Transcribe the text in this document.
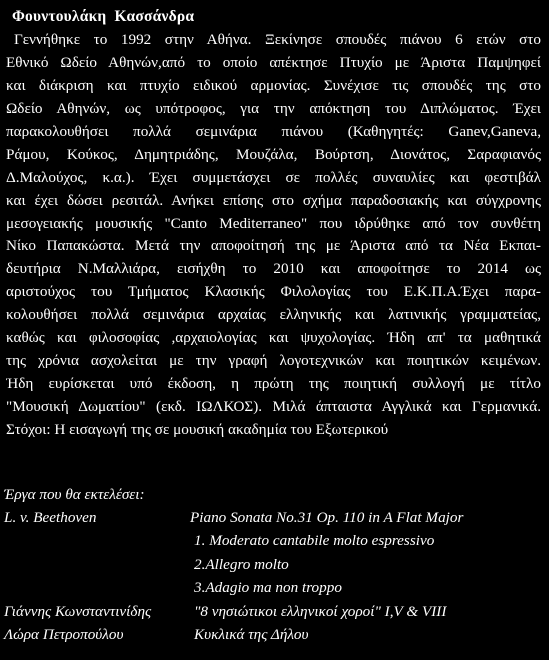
Φουντουλάκη  Κασσάνδρα
Γεννήθηκε το 1992 στην Αθήνα. Ξεκίνησε σπουδές πιάνου 6 ετών στο
Εθνικό Ωδείο Αθηνών,από το οποίο απέκτησε Πτυχίο με Άριστα Παμψηφεί
και διάκριση και πτυχίο ειδικού αρμονίας. Συνέχισε τις σπουδές της στο
Ωδείο Αθηνών, ως υπότροφος, για την απόκτηση του Διπλώματος. Έχει
παρακολουθήσει πολλά σεμινάρια πιάνου (Καθηγητές: Ganev,Ganeva,
Ράμου, Κούκος, Δημητριάδης, Μουζάλα, Βούρτση, Διονάτος, Σαραφιανός
Δ.Μαλούχος, κ.α.). Έχει συμμετάσχει σε πολλές συναυλίες και φεστιβάλ
και έχει δώσει ρεσιτάλ. Ανήκει επίσης στο σχήμα παραδοσιακής και σύγχρονης
μεσογειακής μουσικής "Canto Mediterraneo" που ιδρύθηκε από τον συνθέτη
Νίκο Παπακώστα. Μετά την αποφοίτησή της με Άριστα από τα Νέα Εκπαι-
δευτήρια Ν.Μαλλιάρα, εισήχθη το 2010 και αποφοίτησε το 2014 ως
αριστούχος του Τμήματος Κλασικής Φιλολογίας του Ε.Κ.Π.Α.Έχει παρα-
κολουθήσει πολλά σεμινάρια αρχαίας ελληνικής και λατινικής γραμματείας,
καθώς και φιλοσοφίας ,αρχαιολογίας και ψυχολογίας. Ήδη απ' τα μαθητικά
της χρόνια ασχολείται με την γραφή λογοτεχνικών και ποιητικών κειμένων.
Ήδη ευρίσκεται υπό έκδοση, η πρώτη της ποιητική συλλογή με τίτλο
"Μουσική Δωματίου" (εκδ. ΙΩΛΚΟΣ). Μιλά άπταιστα Αγγλικά και Γερμανικά.
Στόχοι: Η εισαγωγή της σε μουσική ακαδημία του Εξωτερικού
Έργα που θα εκτελέσει:
L. v. Beethoven	Piano Sonata No.31 Op. 110 in A Flat Major
1. Moderato cantabile molto espressivo
2.Allegro molto
3.Adagio ma non troppo
Γιάννης Κωνσταντινίδης	"8 νησιώτικοι ελληνικοί χοροί" I,V & VIII
Λώρα Πετροπούλου	Κυκλικά της Δήλου
